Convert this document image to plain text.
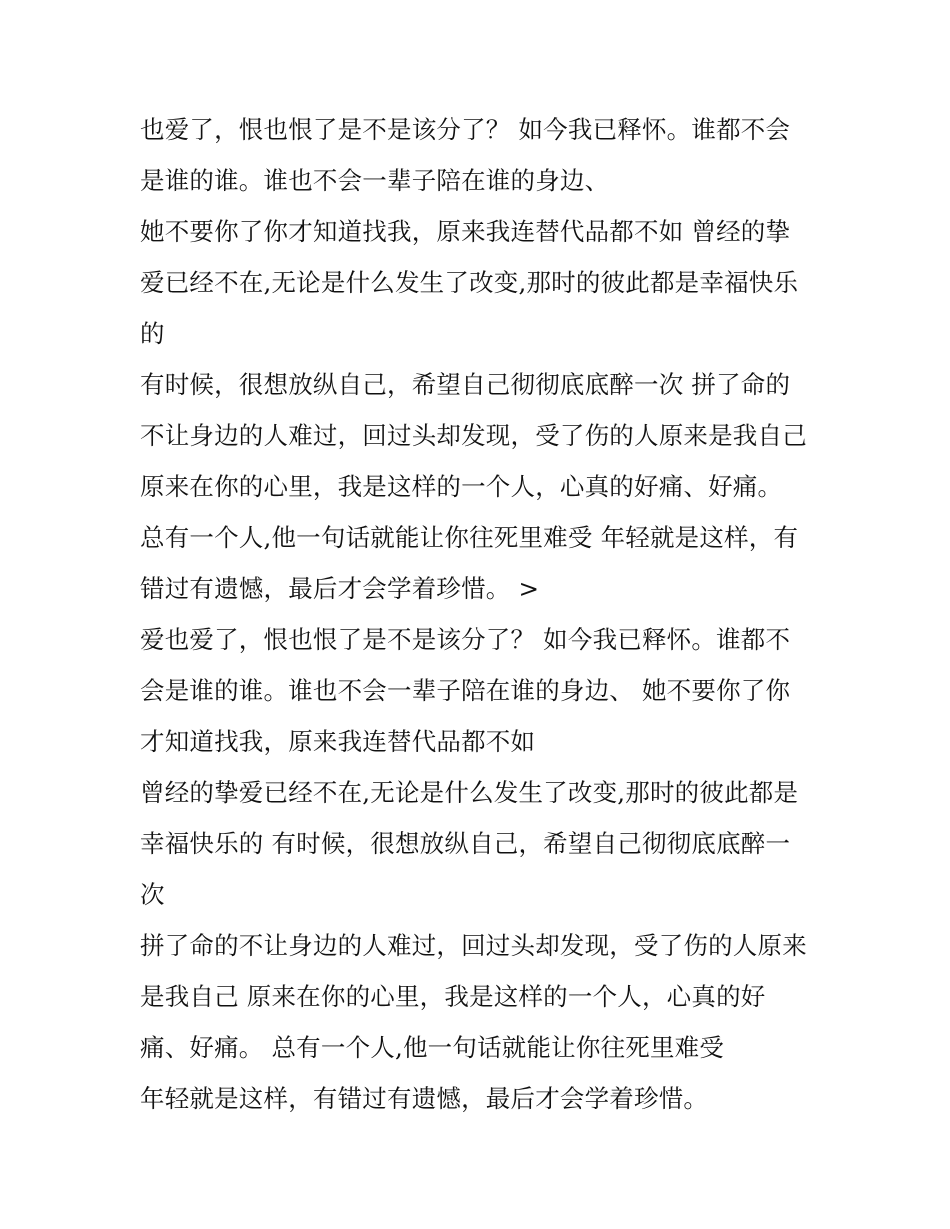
也爱了，恨也恨了是不是该分了？ 如今我已释怀。谁都不会
是谁的谁。谁也不会一辈子陪在谁的身边、
她不要你了你才知道找我，原来我连替代品都不如 曾经的挚
爱已经不在,无论是什么发生了改变,那时的彼此都是幸福快乐
的
有时候，很想放纵自己，希望自己彻彻底底醉一次 拼了命的
不让身边的人难过，回过头却发现，受了伤的人原来是我自己
原来在你的心里，我是这样的一个人，心真的好痛、好痛。
总有一个人,他一句话就能让你往死里难受 年轻就是这样，有
错过有遗憾，最后才会学着珍惜。 >
爱也爱了，恨也恨了是不是该分了？ 如今我已释怀。谁都不
会是谁的谁。谁也不会一辈子陪在谁的身边、 她不要你了你
才知道找我，原来我连替代品都不如
曾经的挚爱已经不在,无论是什么发生了改变,那时的彼此都是
幸福快乐的 有时候，很想放纵自己，希望自己彻彻底底醉一
次
拼了命的不让身边的人难过，回过头却发现，受了伤的人原来
是我自己 原来在你的心里，我是这样的一个人，心真的好
痛、好痛。 总有一个人,他一句话就能让你往死里难受
年轻就是这样，有错过有遗憾，最后才会学着珍惜。
